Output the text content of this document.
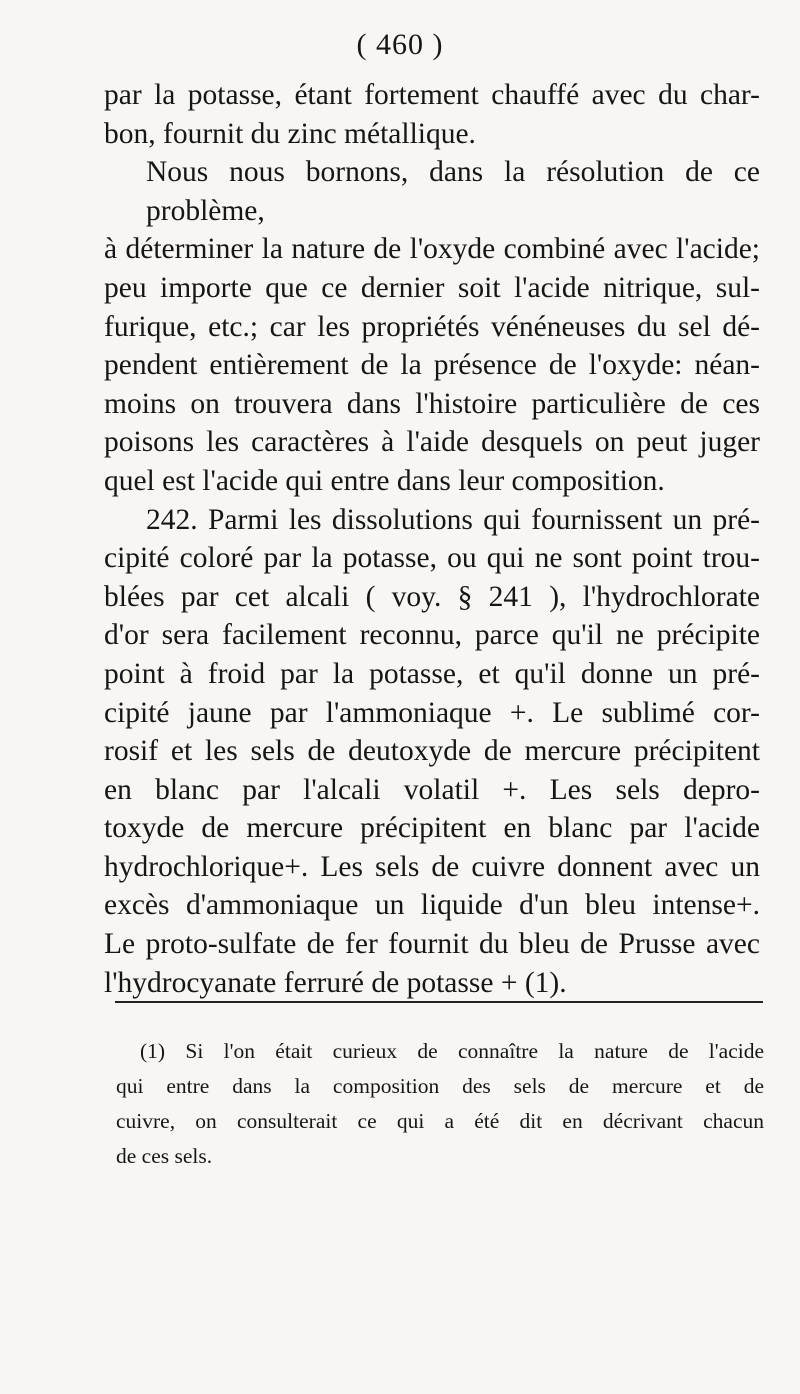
( 460 )
par la potasse, étant fortement chauffé avec du char-
bon, fournit du zinc métallique.
Nous nous bornons, dans la résolution de ce problème,
à déterminer la nature de l'oxyde combiné avec l'acide;
peu importe que ce dernier soit l'acide nitrique, sul-
furique, etc.; car les propriétés vénéneuses du sel dé-
pendent entièrement de la présence de l'oxyde: néan-
moins on trouvera dans l'histoire particulière de ces
poisons les caractères à l'aide desquels on peut juger
quel est l'acide qui entre dans leur composition.
242. Parmi les dissolutions qui fournissent un pré-
cipité coloré par la potasse, ou qui ne sont point trou-
blées par cet alcali ( voy. § 241 ), l'hydrochlorate
d'or sera facilement reconnu, parce qu'il ne précipite
point à froid par la potasse, et qu'il donne un pré-
cipité jaune par l'ammoniaque +. Le sublimé cor-
rosif et les sels de deutoxyde de mercure précipitent
en blanc par l'alcali volatil +. Les sels depro-
toxyde de mercure précipitent en blanc par l'acide
hydrochlorique+. Les sels de cuivre donnent avec un
excès d'ammoniaque un liquide d'un bleu intense+.
Le proto-sulfate de fer fournit du bleu de Prusse avec
l'hydrocyanate ferruré de potasse + (1).
(1) Si l'on était curieux de connaître la nature de l'acide
qui entre dans la composition des sels de mercure et de
cuivre, on consulterait ce qui a été dit en décrivant chacun
de ces sels.
